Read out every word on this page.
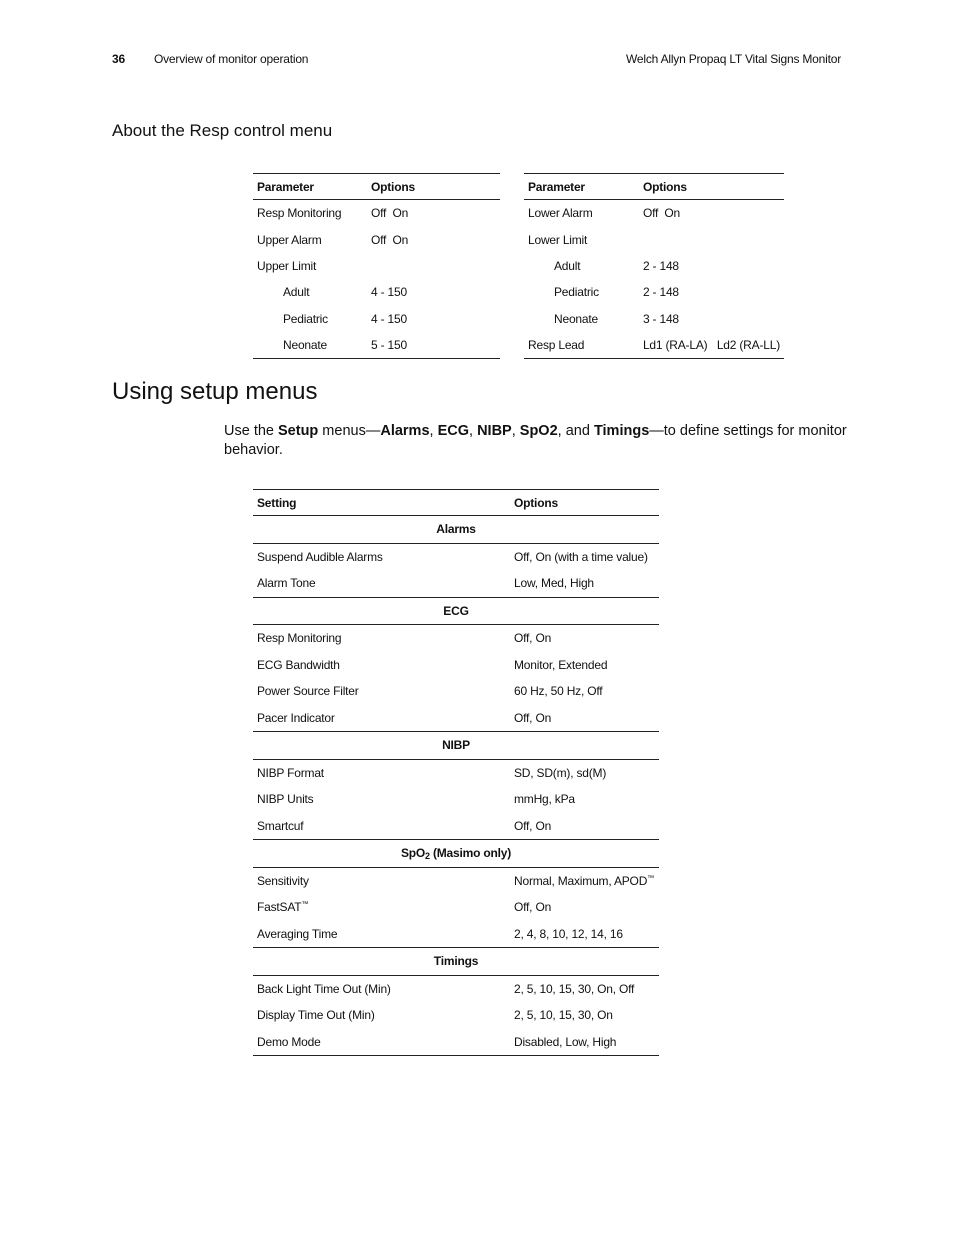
36 Overview of monitor operation	Welch Allyn Propaq LT Vital Signs Monitor
About the Resp control menu
Parameter	Options
Resp Monitoring	Off  On
Upper Alarm	Off  On
Upper Limit	
Adult	4 - 150
Pediatric	4 - 150
Neonate	5 - 150
Parameter	Options
Lower Alarm	Off  On
Lower Limit	
Adult	2 - 148
Pediatric	2 - 148
Neonate	3 - 148
Resp Lead	Ld1 (RA-LA)   Ld2 (RA-LL)
Using setup menus

Use the Setup menus—Alarms, ECG, NIBP, SpO2, and Timings—to define settings for monitor behavior.

Setting	Options
Alarms	
Suspend Audible Alarms	Off, On (with a time value)
Alarm Tone	Low, Med, High
ECG	
Resp Monitoring	Off, On
ECG Bandwidth	Monitor, Extended
Power Source Filter	60 Hz, 50 Hz, Off
Pacer Indicator	Off, On
NIBP	
NIBP Format	SD, SD(m), sd(M)
NIBP Units	mmHg, kPa
Smartcuf	Off, On
SpO$_2$ (Masimo only)	
Sensitivity	Normal, Maximum, APOD™
FastSAT™	Off, On
Averaging Time	2, 4, 8, 10, 12, 14, 16
Timings	
Back Light Time Out (Min)	2, 5, 10, 15, 30, On, Off
Display Time Out (Min)	2, 5, 10, 15, 30, On
Demo Mode	Disabled, Low, High
